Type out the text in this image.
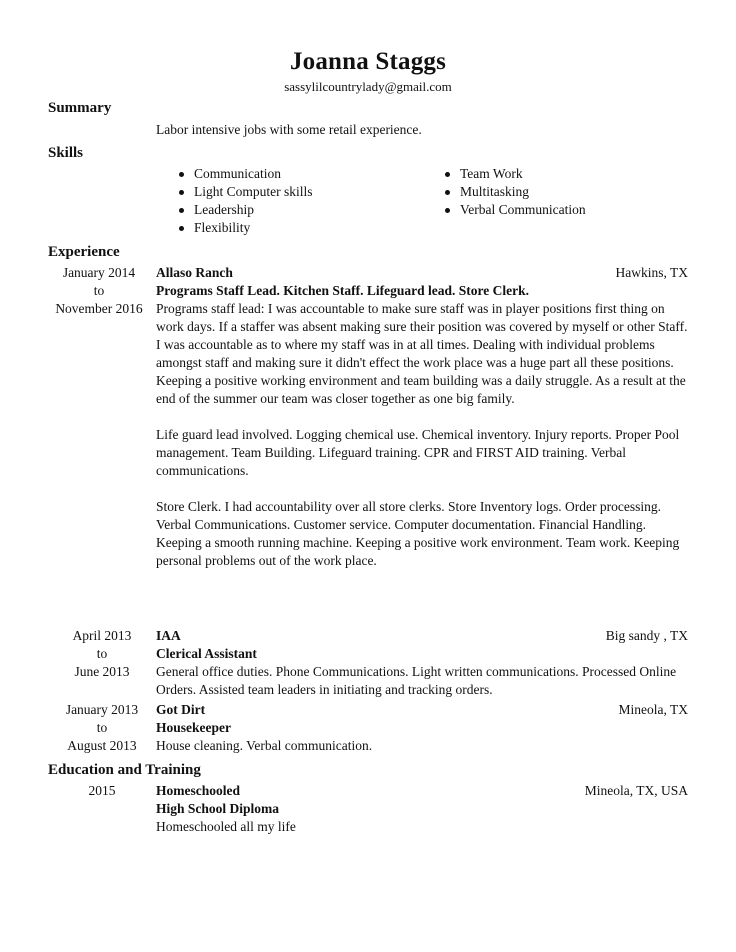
Joanna Staggs
sassylilcountrylady@gmail.com
Summary
Labor intensive jobs with some retail experience.
Skills
Communication
Light Computer skills
Leadership
Flexibility
Team Work
Multitasking
Verbal Communication
Experience
January 2014
to
November 2016
Allaso Ranch	Hawkins, TX
Programs Staff Lead. Kitchen Staff. Lifeguard lead. Store Clerk.

Programs staff lead: I was accountable to make sure staff was in player positions first thing on work days. If a staffer was absent making sure their position was covered by myself or other Staff. I was accountable as to where my staff was in at all times. Dealing with individual problems amongst staff and making sure it didn't effect the work place was a huge part all these positions. Keeping a positive working environment and team building was a daily struggle. As a result at the end of the summer our team was closer together as one big family.

Life guard lead involved. Logging chemical use. Chemical inventory. Injury reports. Proper Pool management. Team Building. Lifeguard training. CPR and FIRST AID training. Verbal communications.

Store Clerk. I had accountability over all store clerks. Store Inventory logs. Order processing. Verbal Communications. Customer service. Computer documentation. Financial Handling. Keeping a smooth running machine. Keeping a positive work environment. Team work. Keeping personal problems out of the work place.

April 2013
to
June 2013
IAA	Big sandy , TX
Clerical Assistant

General office duties. Phone Communications. Light written communications. Processed Online Orders. Assisted team leaders in initiating and tracking orders.

January 2013
to
August 2013
Got Dirt	Mineola, TX
Housekeeper

House cleaning. Verbal communication.

Education and Training
2015	Homeschooled	Mineola, TX, USA
High School Diploma

Homeschooled all my life
